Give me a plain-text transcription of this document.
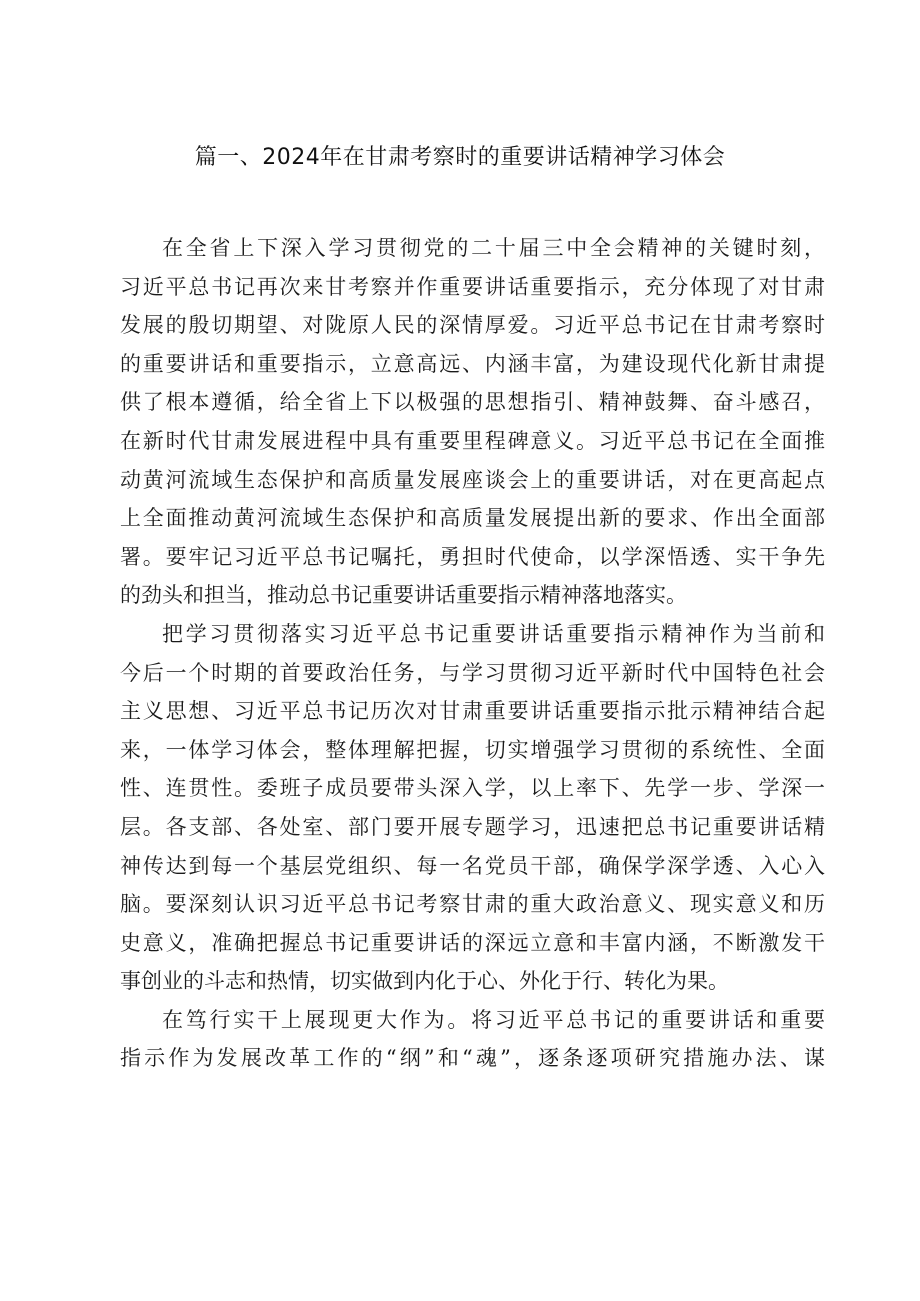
篇一、2024年在甘肃考察时的重要讲话精神学习体会
在全省上下深入学习贯彻党的二十届三中全会精神的关键时刻，
习近平总书记再次来甘考察并作重要讲话重要指示，充分体现了对甘肃
发展的殷切期望、对陇原人民的深情厚爱。习近平总书记在甘肃考察时
的重要讲话和重要指示，立意高远、内涵丰富，为建设现代化新甘肃提
供了根本遵循，给全省上下以极强的思想指引、精神鼓舞、奋斗感召，
在新时代甘肃发展进程中具有重要里程碑意义。习近平总书记在全面推
动黄河流域生态保护和高质量发展座谈会上的重要讲话，对在更高起点
上全面推动黄河流域生态保护和高质量发展提出新的要求、作出全面部
署。要牢记习近平总书记嘱托，勇担时代使命，以学深悟透、实干争先
的劲头和担当，推动总书记重要讲话重要指示精神落地落实。
把学习贯彻落实习近平总书记重要讲话重要指示精神作为当前和
今后一个时期的首要政治任务，与学习贯彻习近平新时代中国特色社会
主义思想、习近平总书记历次对甘肃重要讲话重要指示批示精神结合起
来，一体学习体会，整体理解把握，切实增强学习贯彻的系统性、全面
性、连贯性。委班子成员要带头深入学，以上率下、先学一步、学深一
层。各支部、各处室、部门要开展专题学习，迅速把总书记重要讲话精
神传达到每一个基层党组织、每一名党员干部，确保学深学透、入心入
脑。要深刻认识习近平总书记考察甘肃的重大政治意义、现实意义和历
史意义，准确把握总书记重要讲话的深远立意和丰富内涵，不断激发干
事创业的斗志和热情，切实做到内化于心、外化于行、转化为果。
在笃行实干上展现更大作为。将习近平总书记的重要讲话和重要
指示作为发展改革工作的“纲”和“魂”，逐条逐项研究措施办法、谋
